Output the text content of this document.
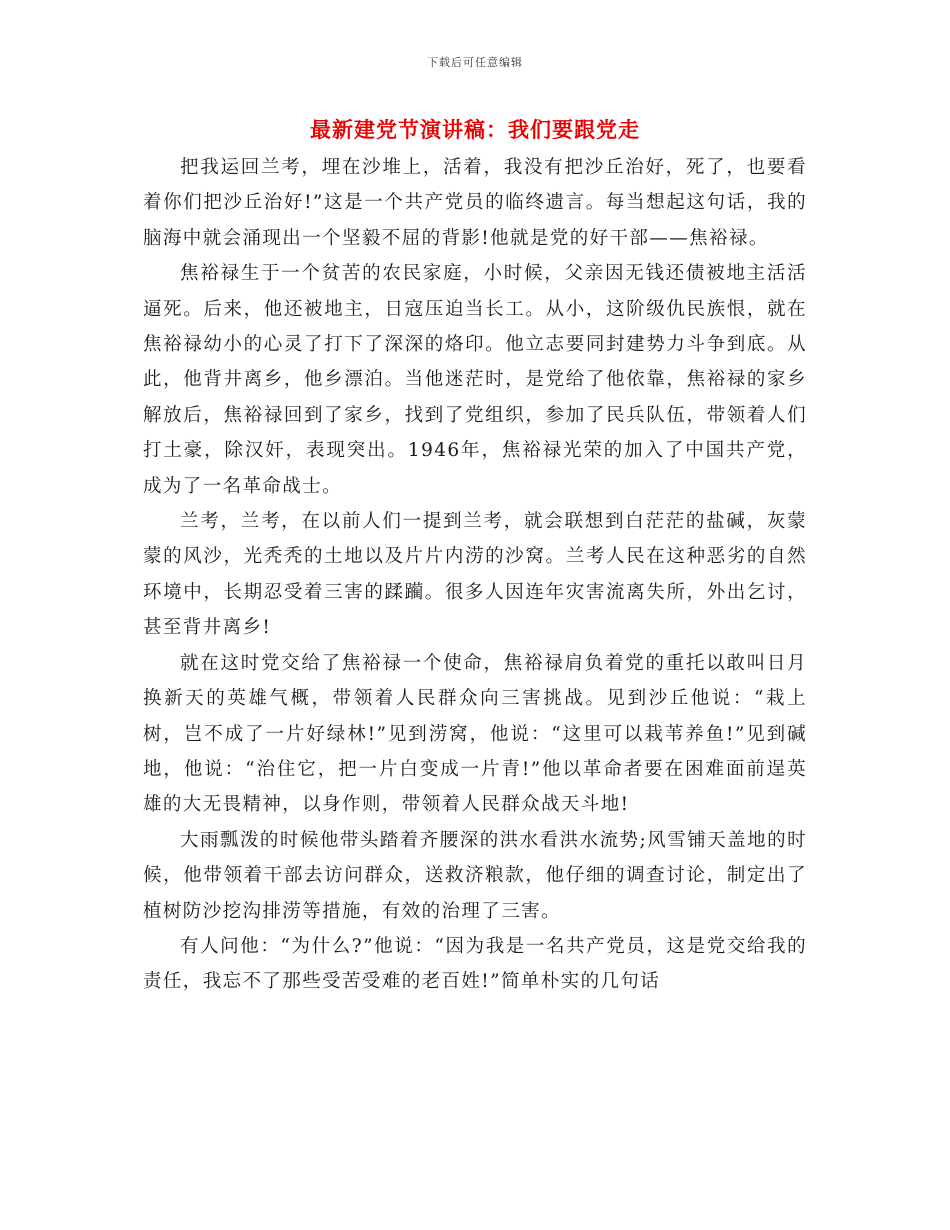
下载后可任意编辑
最新建党节演讲稿：我们要跟党走

把我运回兰考，埋在沙堆上，活着，我没有把沙丘治好，死了，也要看着你们把沙丘治好!”这是一个共产党员的临终遗言。每当想起这句话，我的脑海中就会涌现出一个坚毅不屈的背影!他就是党的好干部——焦裕禄。

焦裕禄生于一个贫苦的农民家庭，小时候，父亲因无钱还债被地主活活逼死。后来，他还被地主，日寇压迫当长工。从小，这阶级仇民族恨，就在焦裕禄幼小的心灵了打下了深深的烙印。他立志要同封建势力斗争到底。从此，他背井离乡，他乡漂泊。当他迷茫时，是党给了他依靠，焦裕禄的家乡解放后，焦裕禄回到了家乡，找到了党组织，参加了民兵队伍，带领着人们打土豪，除汉奸，表现突出。1946年，焦裕禄光荣的加入了中国共产党，成为了一名革命战士。

兰考，兰考，在以前人们一提到兰考，就会联想到白茫茫的盐碱，灰蒙蒙的风沙，光秃秃的土地以及片片内涝的沙窝。兰考人民在这种恶劣的自然环境中，长期忍受着三害的蹂躏。很多人因连年灾害流离失所，外出乞讨，甚至背井离乡!

就在这时党交给了焦裕禄一个使命，焦裕禄肩负着党的重托以敢叫日月换新天的英雄气概，带领着人民群众向三害挑战。见到沙丘他说：“栽上树，岂不成了一片好绿林!”见到涝窝，他说：“这里可以栽苇养鱼!”见到碱地，他说：“治住它，把一片白变成一片青!”他以革命者要在困难面前逞英雄的大无畏精神，以身作则，带领着人民群众战天斗地!

大雨瓢泼的时候他带头踏着齐腰深的洪水看洪水流势;风雪铺天盖地的时候，他带领着干部去访问群众，送救济粮款，他仔细的调查讨论，制定出了植树防沙挖沟排涝等措施，有效的治理了三害。

有人问他：“为什么?”他说：“因为我是一名共产党员，这是党交给我的责任，我忘不了那些受苦受难的老百姓!”简单朴实的几句话
